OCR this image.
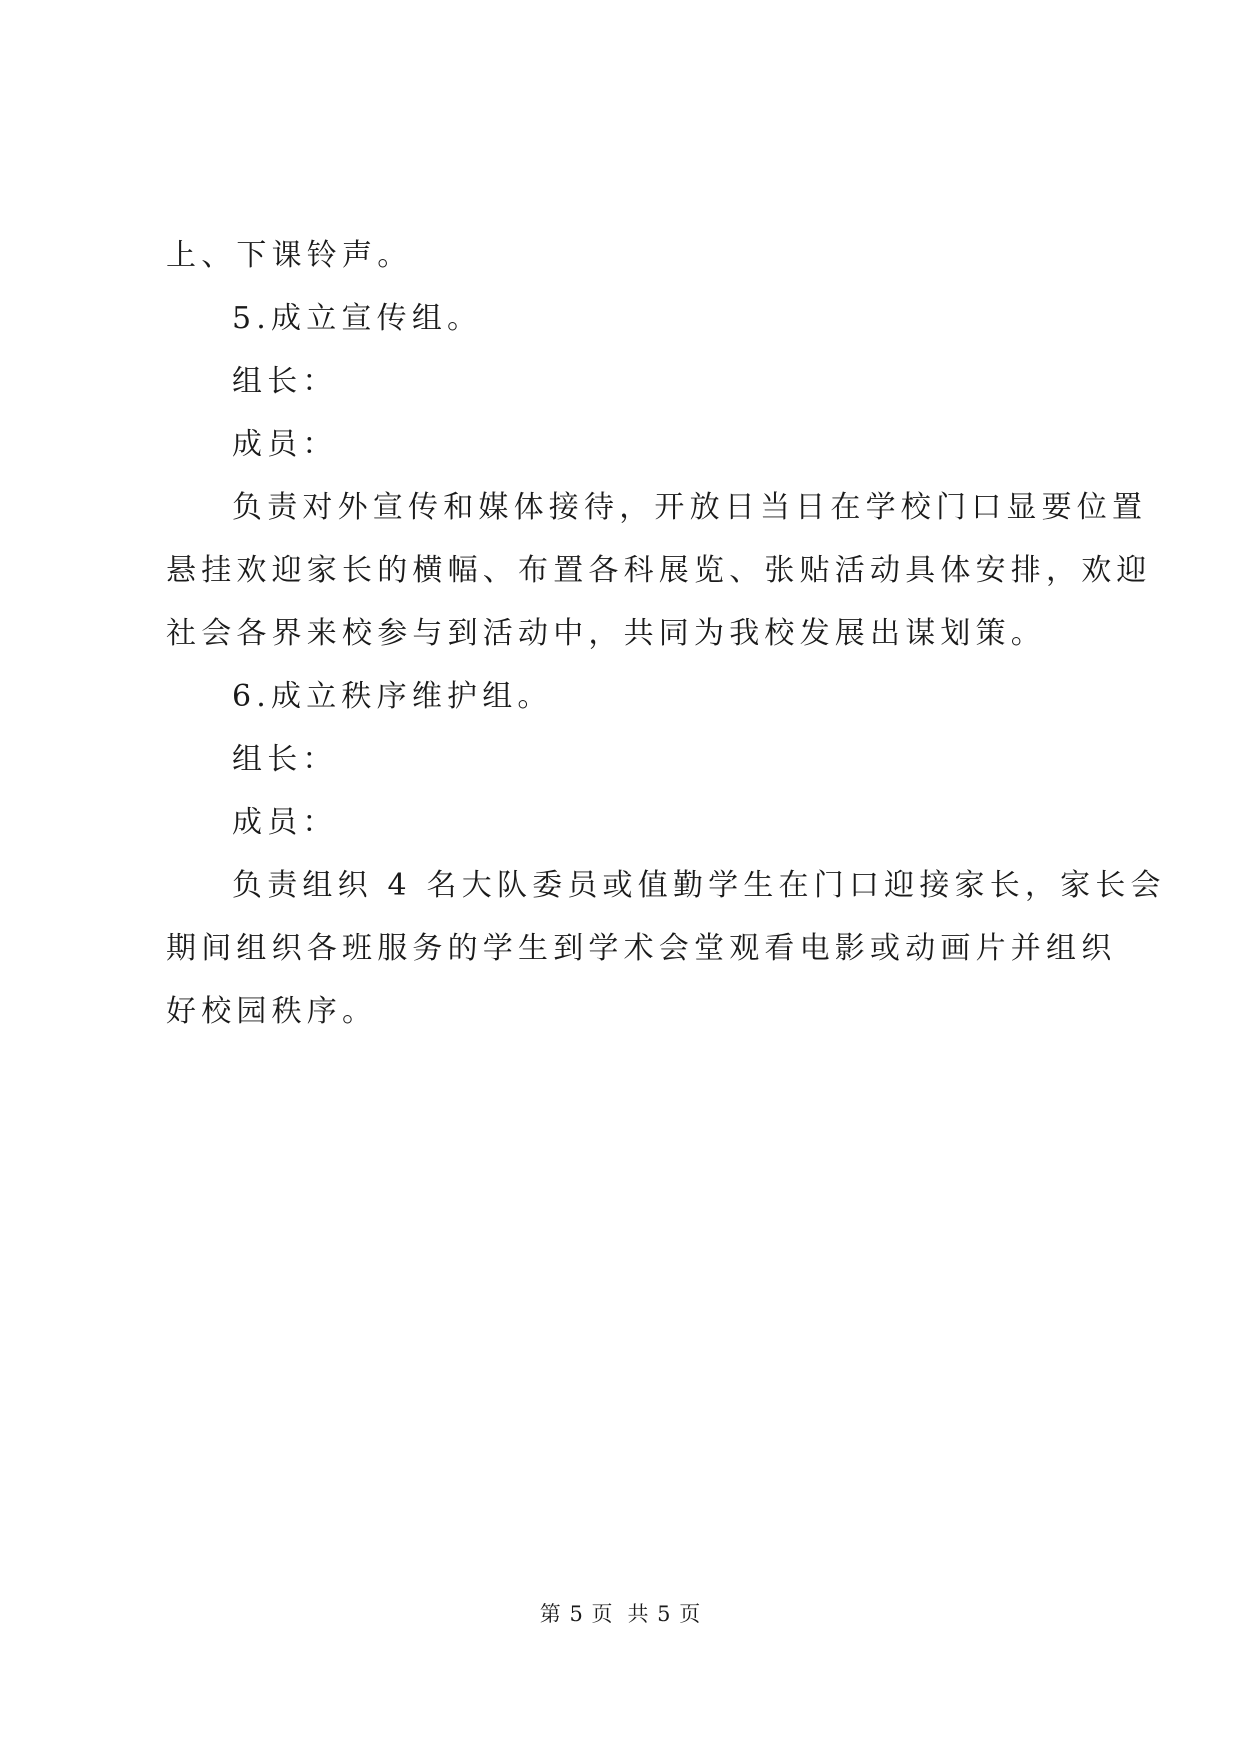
上、下课铃声。
5.成立宣传组。
组长：
成员：
负责对外宣传和媒体接待，开放日当日在学校门口显要位置
悬挂欢迎家长的横幅、布置各科展览、张贴活动具体安排，欢迎
社会各界来校参与到活动中，共同为我校发展出谋划策。
6.成立秩序维护组。
组长：
成员：
负责组织 4 名大队委员或值勤学生在门口迎接家长，家长会
期间组织各班服务的学生到学术会堂观看电影或动画片并组织
好校园秩序。
第 5 页 共 5 页
